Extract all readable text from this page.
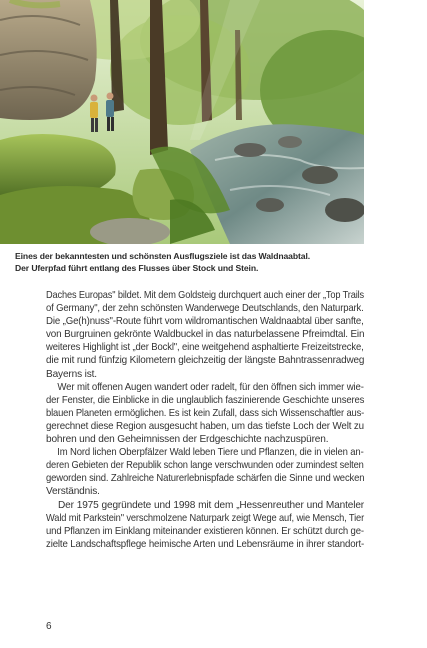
Eines der bekanntesten und schönsten Ausflugsziele ist das Waldnaabtal.
Der Uferpfad führt entlang des Flusses über Stock und Stein.
Daches Europas" bildet. Mit dem Goldsteig durchquert auch einer der „Top Trails
of Germany", der zehn schönsten Wanderwege Deutschlands, den Naturpark.
Die „Ge(h)nuss"-Route führt vom wildromantischen Waldnaabtal über sanfte,
von Burgruinen gekrönte Waldbuckel in das naturbelassene Pfreimdtal. Ein
weiteres Highlight ist „der Bockl", eine weitgehend asphaltierte Freizeitstrecke,
die mit rund fünfzig Kilometern gleichzeitig der längste Bahntrassenradweg
Bayerns ist.
Wer mit offenen Augen wandert oder radelt, für den öffnen sich immer wie-
der Fenster, die Einblicke in die unglaublich faszinierende Geschichte unseres
blauen Planeten ermöglichen. Es ist kein Zufall, dass sich Wissenschaftler aus-
gerechnet diese Region ausgesucht haben, um das tiefste Loch der Welt zu
bohren und den Geheimnissen der Erdgeschichte nachzuspüren.
Im Nord lichen Oberpfälzer Wald leben Tiere und Pflanzen, die in vielen an-
deren Gebieten der Republik schon lange verschwunden oder zumindest selten
geworden sind. Zahlreiche Naturerlebnispfade schärfen die Sinne und wecken
Verständnis.
Der 1975 gegründete und 1998 mit dem „Hessenreuther und Manteler
Wald mit Parkstein" verschmolzene Naturpark zeigt Wege auf, wie Mensch, Tier
und Pflanzen im Einklang miteinander existieren können. Er schützt durch ge-
zielte Landschaftspflege heimische Arten und Lebensräume in ihrer standort-
6
